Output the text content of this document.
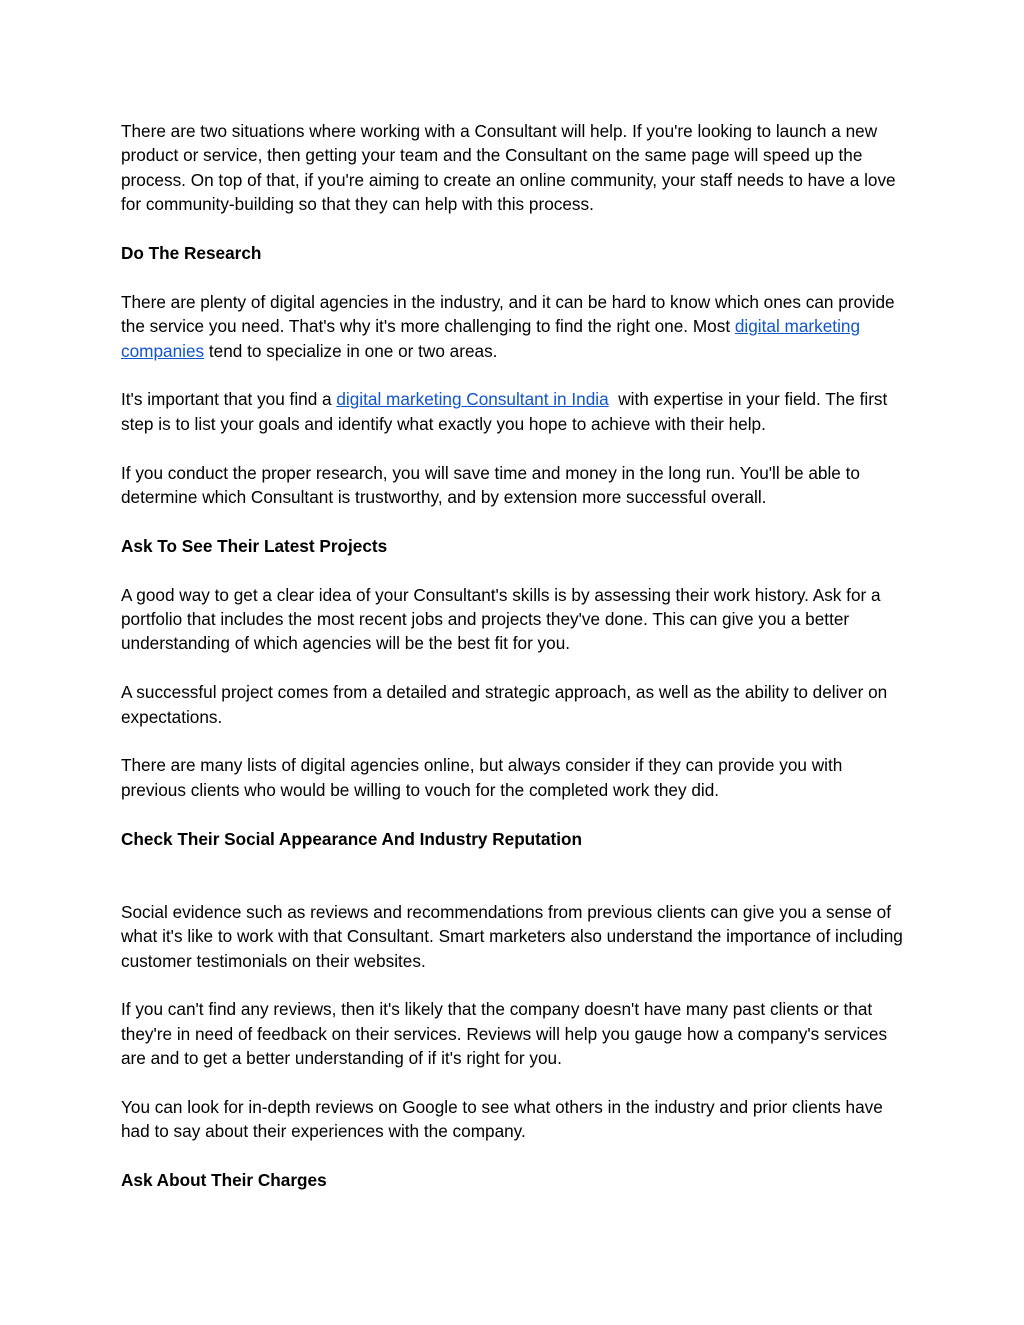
There are two situations where working with a Consultant will help. If you're looking to launch a new product or service, then getting your team and the Consultant on the same page will speed up the process. On top of that, if you're aiming to create an online community, your staff needs to have a love for community-building so that they can help with this process.

Do The Research

There are plenty of digital agencies in the industry, and it can be hard to know which ones can provide the service you need. That's why it's more challenging to find the right one. Most digital marketing companies tend to specialize in one or two areas.

It's important that you find a digital marketing Consultant in India  with expertise in your field. The first step is to list your goals and identify what exactly you hope to achieve with their help.

If you conduct the proper research, you will save time and money in the long run. You'll be able to determine which Consultant is trustworthy, and by extension more successful overall.

Ask To See Their Latest Projects

A good way to get a clear idea of your Consultant's skills is by assessing their work history. Ask for a portfolio that includes the most recent jobs and projects they've done. This can give you a better understanding of which agencies will be the best fit for you.

A successful project comes from a detailed and strategic approach, as well as the ability to deliver on expectations.

There are many lists of digital agencies online, but always consider if they can provide you with previous clients who would be willing to vouch for the completed work they did.

Check Their Social Appearance And Industry Reputation

Social evidence such as reviews and recommendations from previous clients can give you a sense of what it's like to work with that Consultant. Smart marketers also understand the importance of including customer testimonials on their websites.

If you can't find any reviews, then it's likely that the company doesn't have many past clients or that they're in need of feedback on their services. Reviews will help you gauge how a company's services are and to get a better understanding of if it's right for you.

You can look for in-depth reviews on Google to see what others in the industry and prior clients have had to say about their experiences with the company.

Ask About Their Charges
